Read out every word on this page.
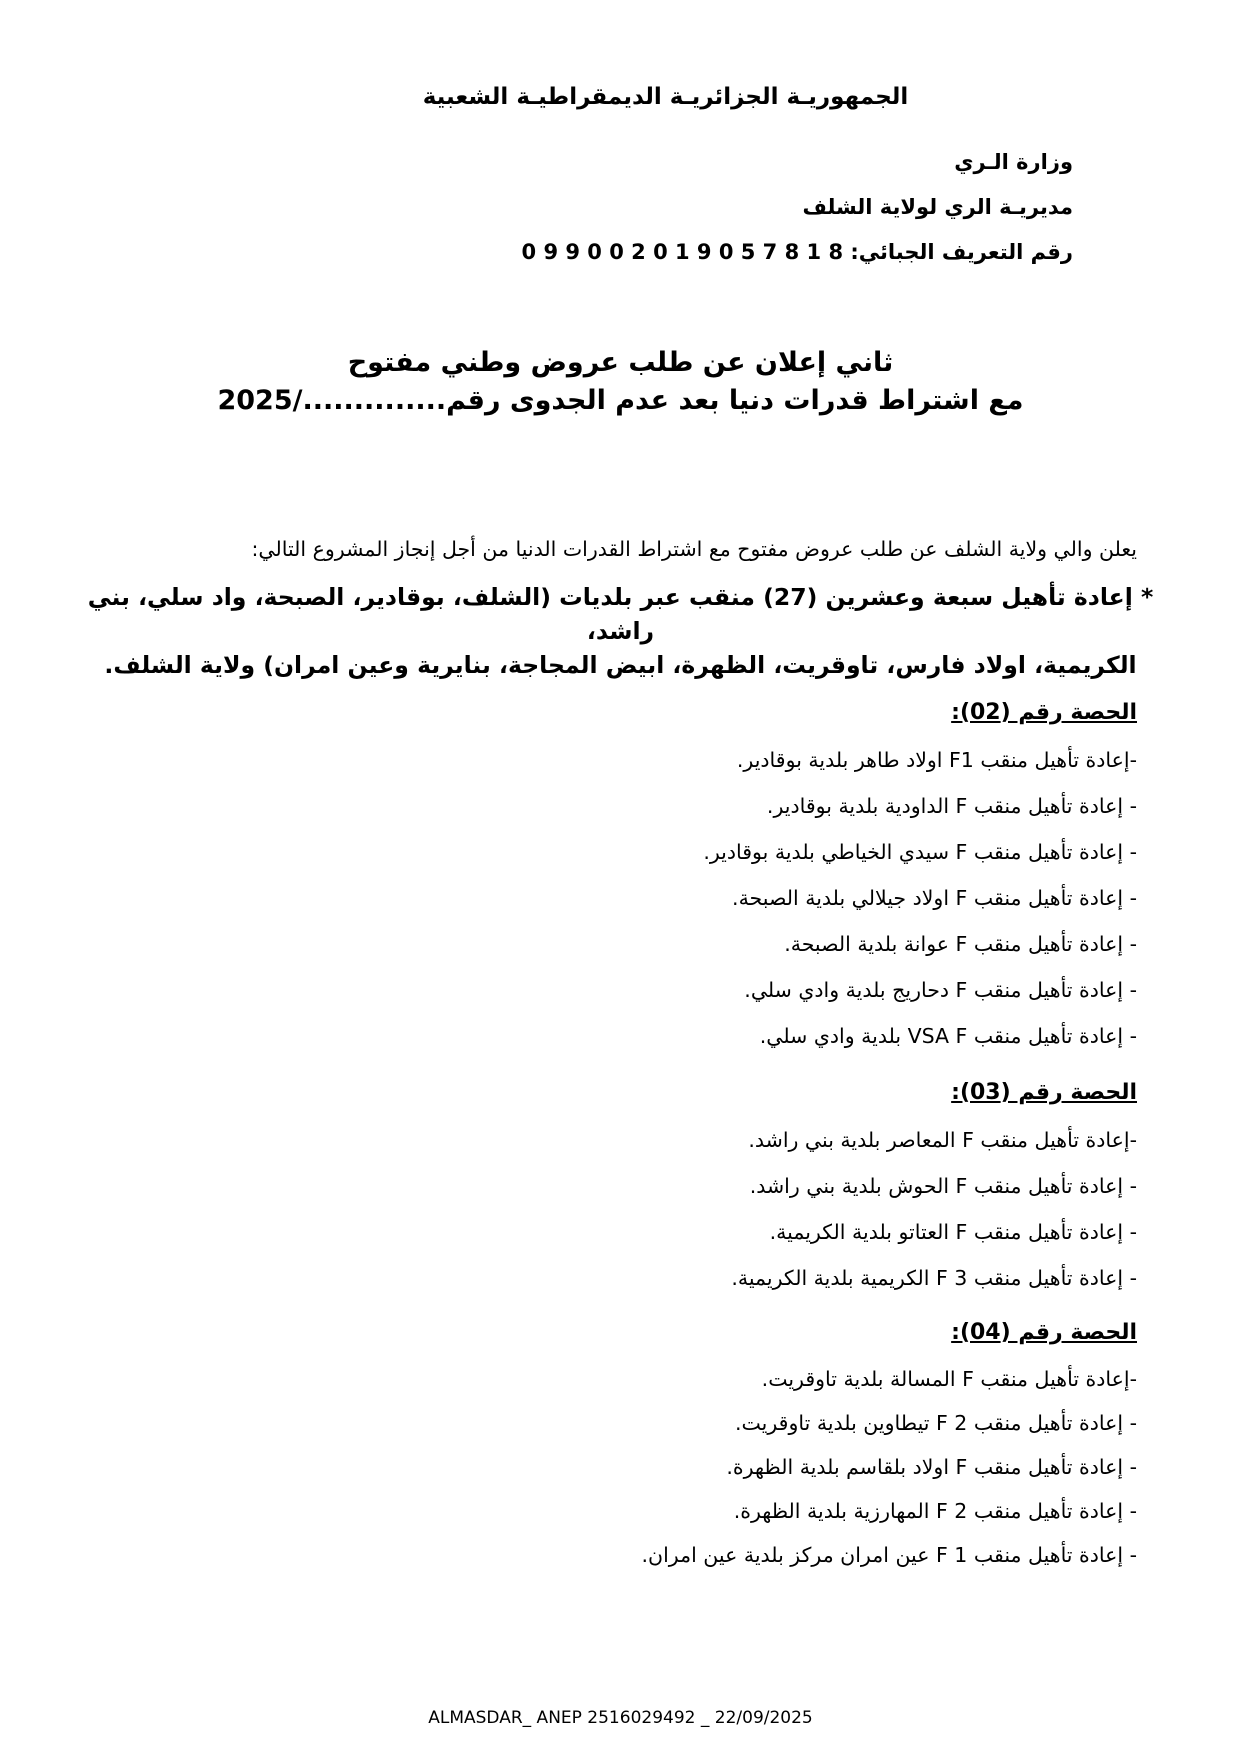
الجمهوريـة الجزائريـة الديمقراطيـة الشعبية
وزارة الـري
مديريـة الري لولاية الشلف
رقم التعريف الجبائي: 0 9 9 0 0 2 0 1 9 0 5 7 8 1 8
ثاني إعلان عن طلب عروض وطني مفتوح
مع اشتراط قدرات دنيا بعد عدم الجدوى رقم............../2025
يعلن والي ولاية الشلف عن طلب عروض مفتوح مع اشتراط القدرات الدنيا من أجل إنجاز المشروع التالي:
* إعادة تأهيل سبعة وعشرين (27) منقب عبر بلديات (الشلف، بوقادير، الصبحة، واد سلي، بني راشد،
الكريمية، اولاد فارس، تاوقريت، الظهرة، ابيض المجاجة، بنايرية وعين امران) ولاية الشلف.
الحصة رقم (02):
-إعادة تأهيل منقب F1 اولاد طاهر بلدية بوقادير.
- إعادة تأهيل منقب F الداودية بلدية بوقادير.
- إعادة تأهيل منقب F سيدي الخياطي بلدية بوقادير.
- إعادة تأهيل منقب F اولاد جيلالي بلدية الصبحة.
- إعادة تأهيل منقب F عوانة بلدية الصبحة.
- إعادة تأهيل منقب F دحاريج بلدية وادي سلي.
- إعادة تأهيل منقب VSA F بلدية وادي سلي.
الحصة رقم (03):
-إعادة تأهيل منقب F المعاصر بلدية بني راشد.
- إعادة تأهيل منقب F الحوش بلدية بني راشد.
- إعادة تأهيل منقب F العتاتو بلدية الكريمية.
- إعادة تأهيل منقب F 3 الكريمية بلدية الكريمية.
الحصة رقم (04):
-إعادة تأهيل منقب F المسالة بلدية تاوقريت.
- إعادة تأهيل منقب F 2 تيطاوين بلدية تاوقريت.
- إعادة تأهيل منقب F اولاد بلقاسم بلدية الظهرة.
- إعادة تأهيل منقب F 2 المهارزية بلدية الظهرة.
- إعادة تأهيل منقب F 1 عين امران مركز بلدية عين امران.
ALMASDAR_ ANEP 2516029492 _ 22/09/2025
